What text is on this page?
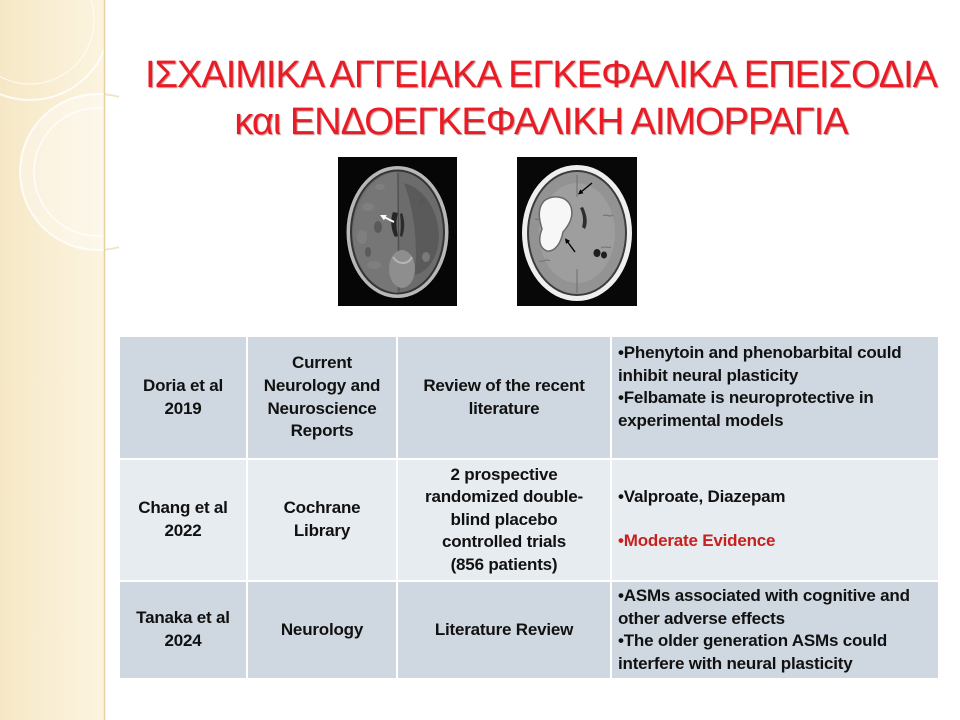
ΙΣΧΑΙΜΙΚΑ ΑΓΓΕΙΑΚΑ ΕΓΚΕΦΑΛΙΚΑ ΕΠΕΙΣΟΔΙΑ
και ΕΝΔΟΕΓΚΕΦΑΛΙΚΗ ΑΙΜΟΡΡΑΓΙΑ
Doria et al
2019
Current
Neurology and
Neuroscience
Reports
Review of the recent
literature

•Phenytoin and phenobarbital could inhibit neural plasticity

•Felbamate is neuroprotective in experimental models

Chang et al
2022
Cochrane
Library
2 prospective
randomized double-
blind placebo
controlled trials
(856 patients)

•Valproate, Diazepam

•Moderate Evidence

Tanaka et al
2024
Neurology	Literature Review

•ASMs associated with cognitive and other adverse effects

•The older generation ASMs could interfere with neural plasticity
